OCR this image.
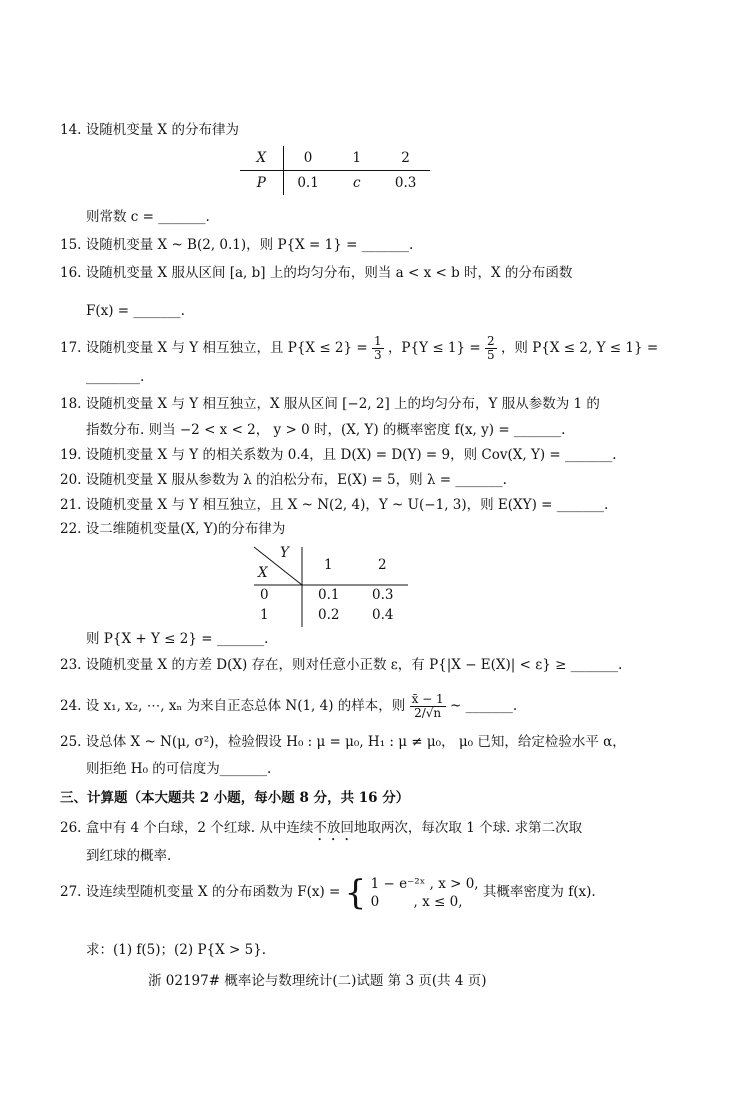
14. 设随机变量 X 的分布律为
X	0	1	2
P	0.1	c	0.3
则常数 c = _______.
15. 设随机变量 X ~ B(2, 0.1)，则 P{X = 1} = _______.
16. 设随机变量 X 服从区间 [a, b] 上的均匀分布，则当 a < x < b 时，X 的分布函数
F(x) = _______.
17. 设随机变量 X 与 Y 相互独立，且 $P\{X \le 2\} = \frac{1}{3}$ ，$P\{Y \le 1\} = \frac{2}{5}$ ，则 P{X ≤ 2, Y ≤ 1} =
________.
18. 设随机变量 X 与 Y 相互独立，X 服从区间 [−2, 2] 上的均匀分布，Y 服从参数为 1 的
指数分布. 则当 −2 < x < 2， y > 0 时，(X, Y) 的概率密度 f(x, y) = _______.
19. 设随机变量 X 与 Y 的相关系数为 0.4，且 D(X) = D(Y) = 9，则 Cov(X, Y) = _______.
20. 设随机变量 X 服从参数为 λ 的泊松分布，E(X) = 5，则 λ = _______.
21. 设随机变量 X 与 Y 相互独立，且 X ~ N(2, 4)，Y ~ U(−1, 3)，则 E(XY) = _______.
22. 设二维随机变量(X, Y)的分布律为
Y
X	1	2
0	0.1 0.3
1	0.2 0.4
则 P{X + Y ≤ 2} = _______.
23. 设随机变量 X 的方差 D(X) 存在，则对任意小正数 ε，有 P{|X − E(X)| < ε} ≥ _______.
24. 设 x₁, x₂, ⋯, xₙ 为来自正态总体 N(1, 4) 的样本，则 $\frac{x̄ - 1}{2/√n}$ ~ _______.
25. 设总体 X ~ N(μ, σ²)，检验假设 H₀ : μ = μ₀, H₁ : μ ≠ μ₀， μ₀ 已知，给定检验水平 α，
则拒绝 H₀ 的可信度为_______.
三、计算题（本大题共 2 小题，每小题 8 分，共 16 分）
26. 盒中有 4 个白球，2 个红球. 从中连续不放回地取两次，每次取 1 个球. 求第二次取
到红球的概率.
27. 设连续型随机变量 X 的分布函数为 F(x) = { 1 − e⁻²ˣ , x > 0,
0        , x ≤ 0,
其概率密度为 f(x).
求：(1) f(5)；(2) P{X > 5}.
浙 02197# 概率论与数理统计(二)试题 第 3 页(共 4 页)
